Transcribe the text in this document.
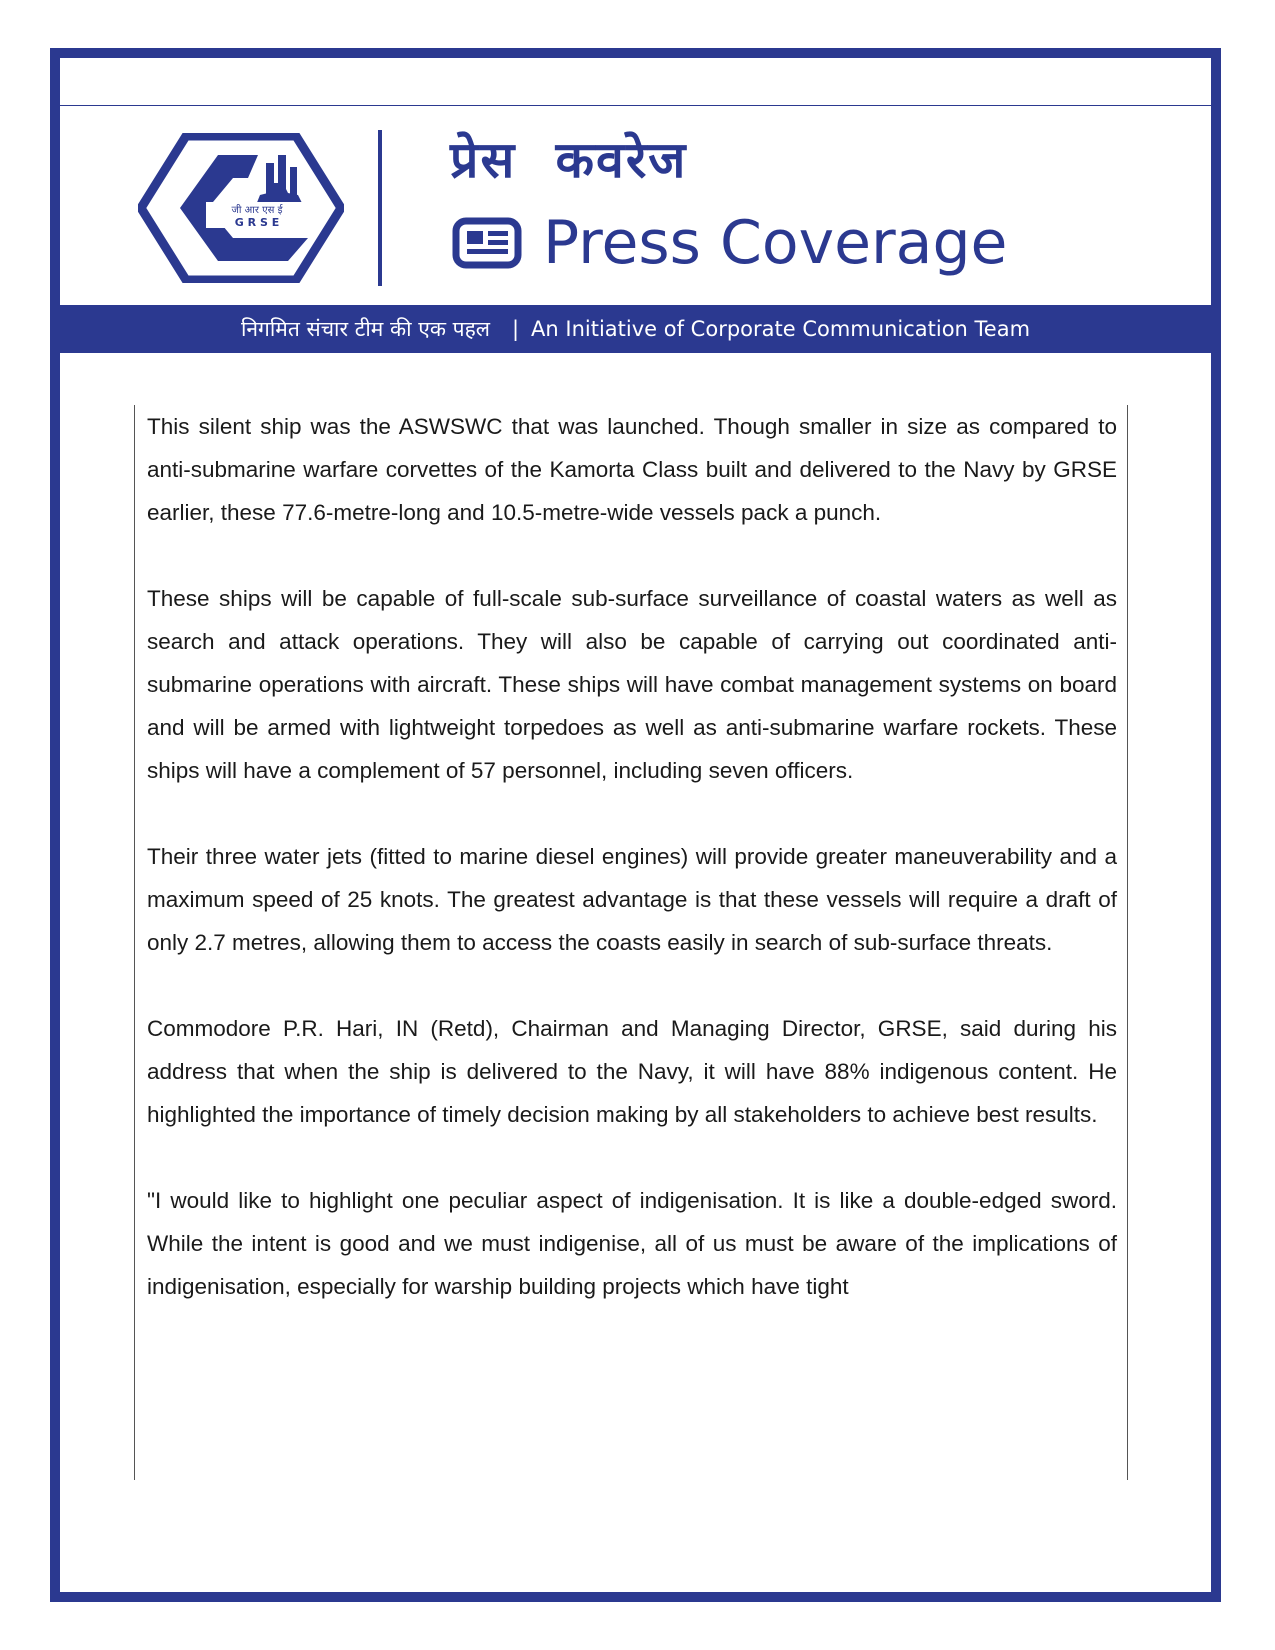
जी आर एस ई
G R S E
प्रेस कवरेज
Press Coverage
निगमित संचार टीम की एक पहल | An Initiative of Corporate Communication Team

This silent ship was the ASWSWC that was launched. Though smaller in size as compared to anti-submarine warfare corvettes of the Kamorta Class built and delivered to the Navy by GRSE earlier, these 77.6-metre-long and 10.5-metre-wide vessels pack a punch.

These ships will be capable of full-scale sub-surface surveillance of coastal waters as well as search and attack operations. They will also be capable of carrying out coordinated anti-submarine operations with aircraft. These ships will have combat management systems on board and will be armed with lightweight torpedoes as well as anti-submarine warfare rockets. These ships will have a complement of 57 personnel, including seven officers.

Their three water jets (fitted to marine diesel engines) will provide greater maneuverability and a maximum speed of 25 knots. The greatest advantage is that these vessels will require a draft of only 2.7 metres, allowing them to access the coasts easily in search of sub-surface threats.

Commodore P.R. Hari, IN (Retd), Chairman and Managing Director, GRSE, said during his address that when the ship is delivered to the Navy, it will have 88% indigenous content. He highlighted the importance of timely decision making by all stakeholders to achieve best results.

"I would like to highlight one peculiar aspect of indigenisation. It is like a double-edged sword. While the intent is good and we must indigenise, all of us must be aware of the implications of indigenisation, especially for warship building projects which have tight
